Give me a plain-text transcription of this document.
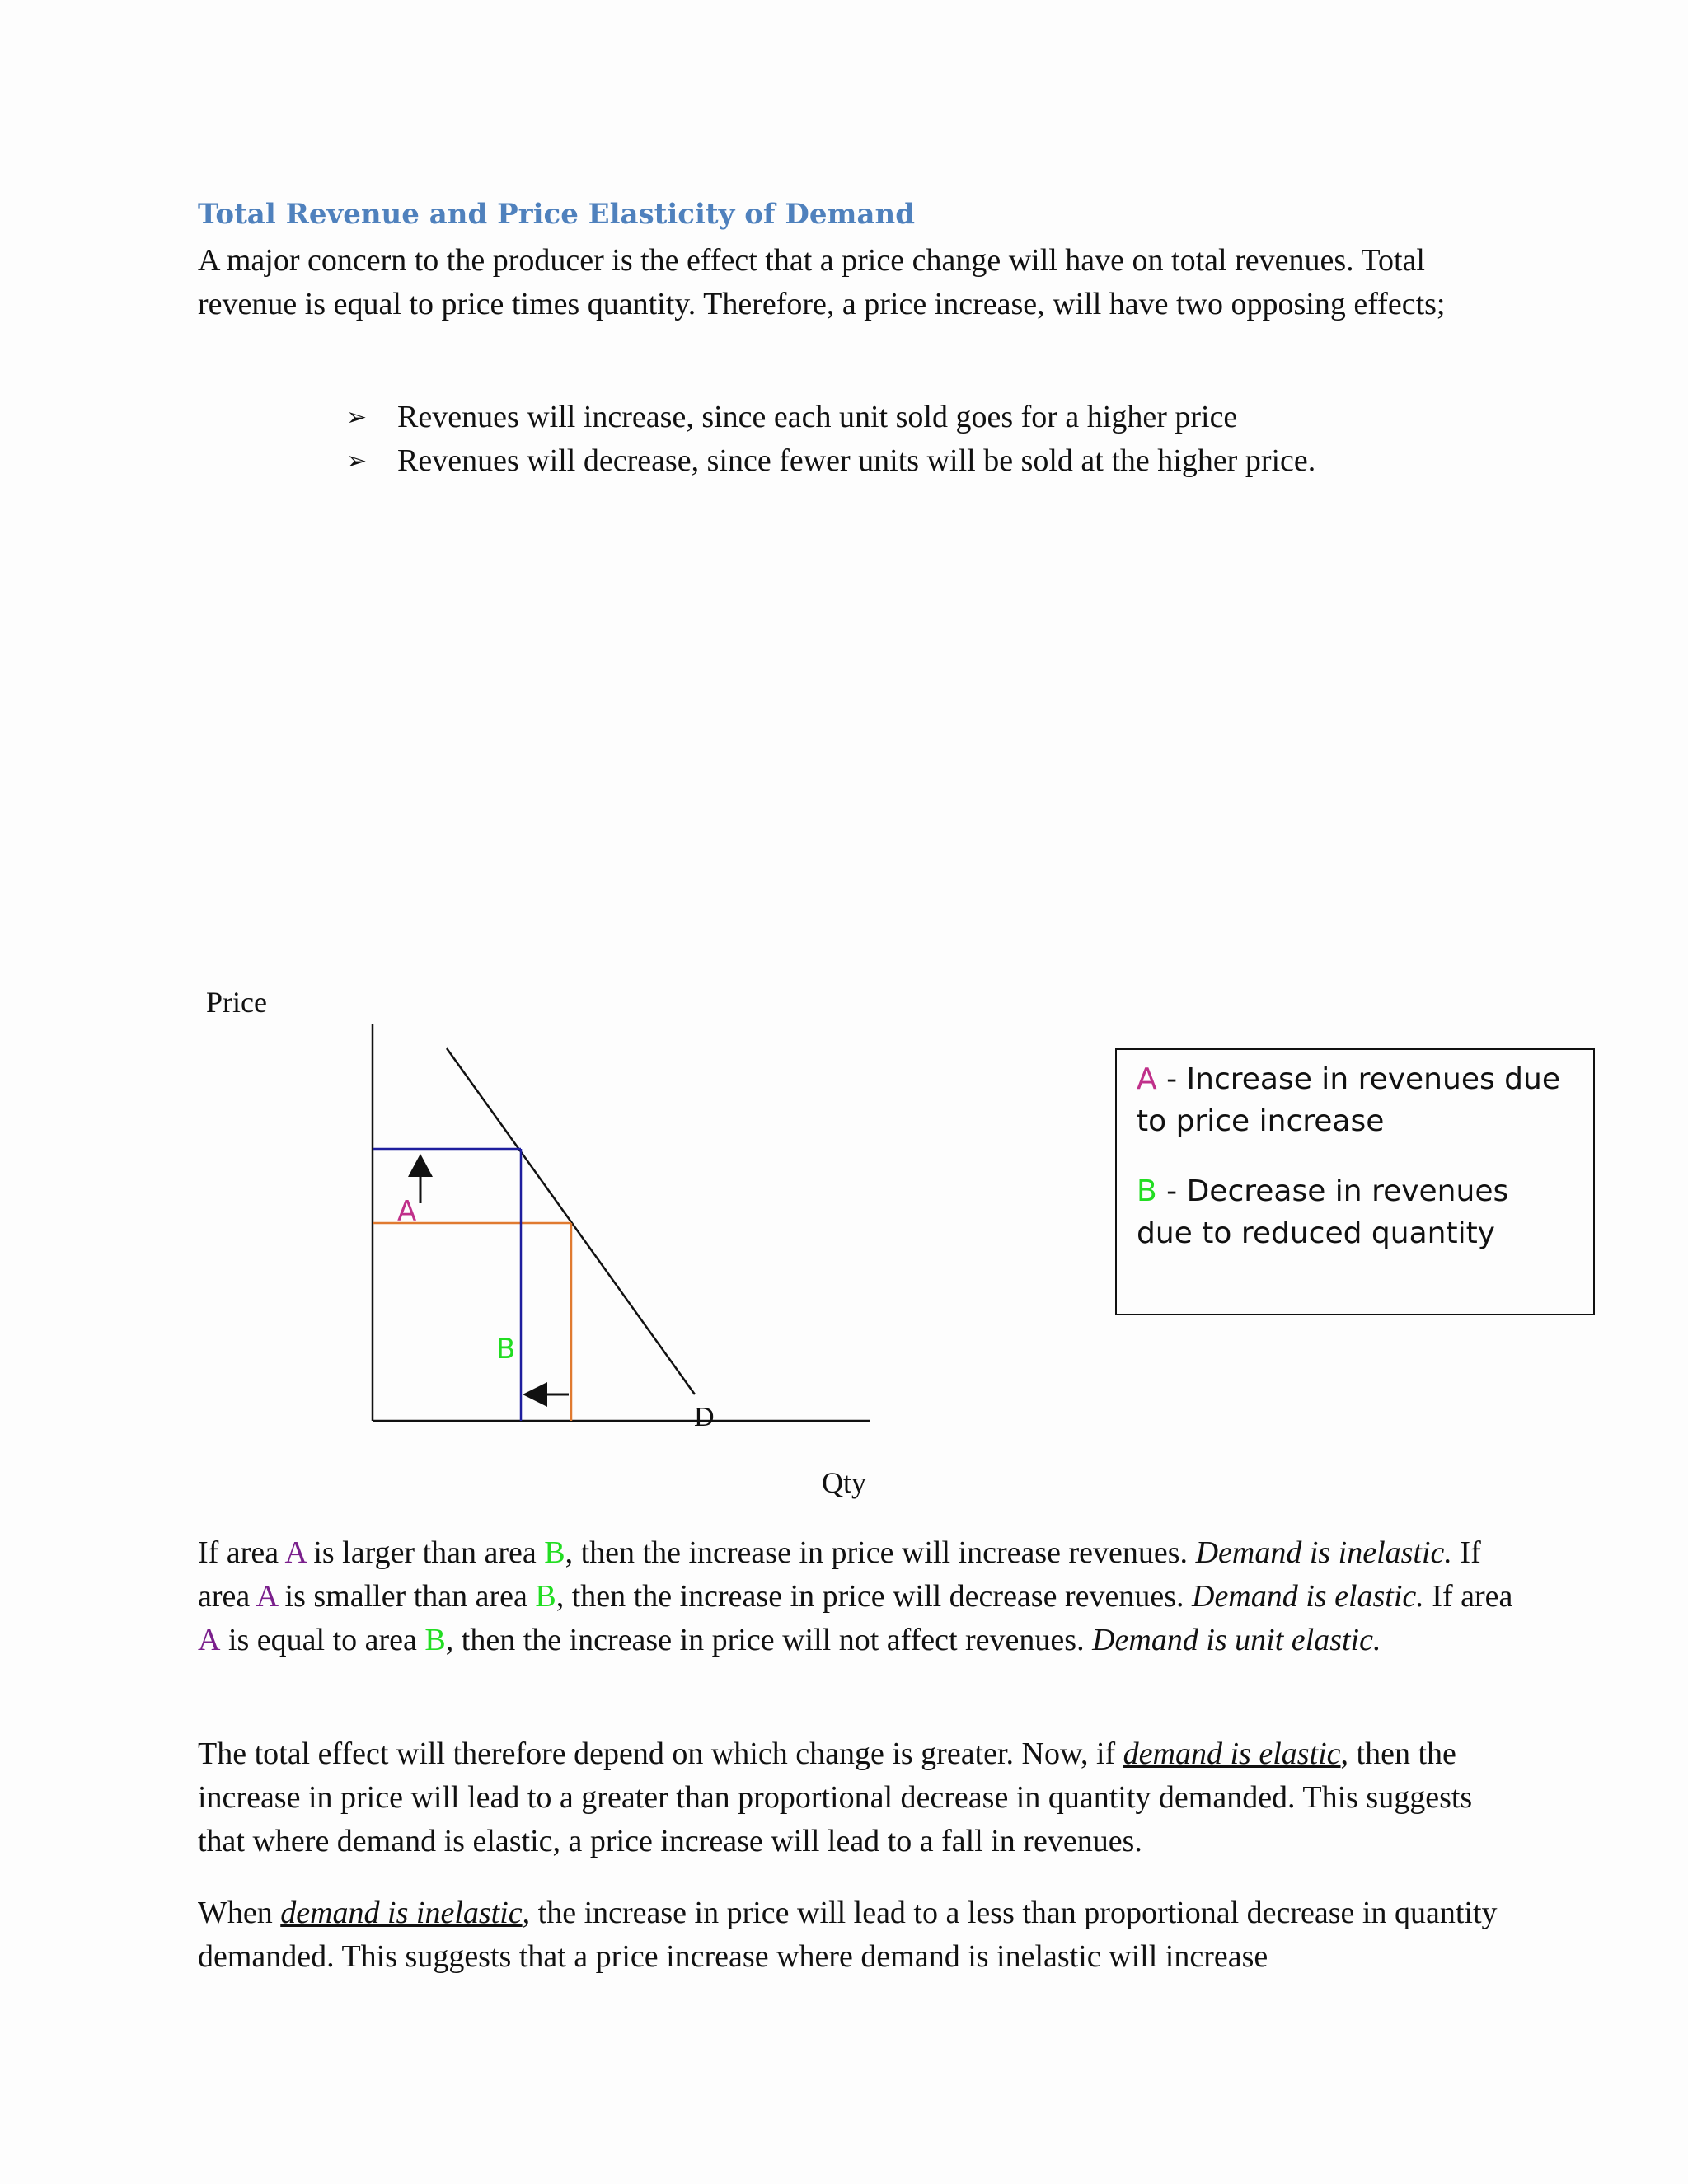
Total Revenue and Price Elasticity of Demand

A major concern to the producer is the effect that a price change will have on total revenues. Total revenue is equal to price times quantity. Therefore, a price increase, will have two opposing effects;

➢ Revenues will increase, since each unit sold goes for a higher price
➢ Revenues will decrease, since fewer units will be sold at the higher price.
Price
A
B
D

A - Increase in revenues due to price increase

B - Decrease in revenues due to reduced quantity

Qty

If area A is larger than area B, then the increase in price will increase revenues. Demand is inelastic. If area A is smaller than area B, then the increase in price will decrease revenues. Demand is elastic. If area A is equal to area B, then the increase in price will not affect revenues. Demand is unit elastic.

The total effect will therefore depend on which change is greater. Now, if demand is elastic, then the increase in price will lead to a greater than proportional decrease in quantity demanded. This suggests that where demand is elastic, a price increase will lead to a fall in revenues.

When demand is inelastic, the increase in price will lead to a less than proportional decrease in quantity demanded. This suggests that a price increase where demand is inelastic will increase
